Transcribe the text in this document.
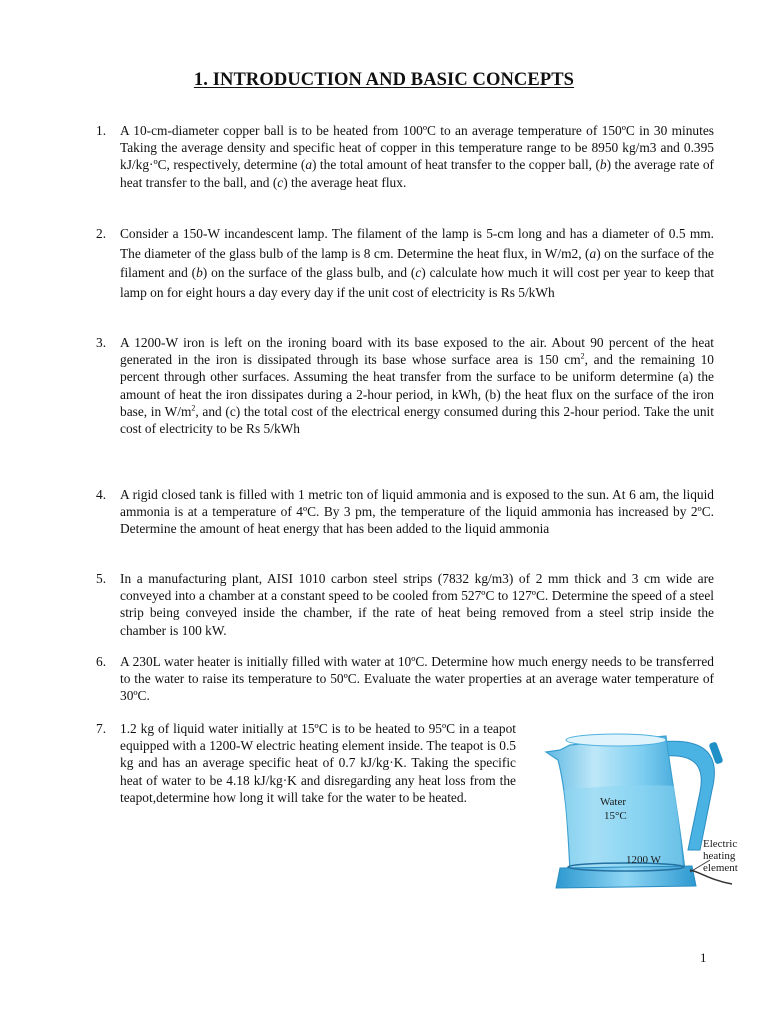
1. INTRODUCTION AND BASIC CONCEPTS
1.	A 10-cm-diameter copper ball is to be heated from 100ºC to an average temperature of 150ºC in 30 minutes Taking the average density and specific heat of copper in this temperature range to be 8950 kg/m3 and 0.395 kJ/kg·ºC, respectively, determine (a) the total amount of heat transfer to the copper ball, (b) the average rate of heat transfer to the ball, and (c) the average heat flux.

2.	Consider a 150-W incandescent lamp. The filament of the lamp is 5-cm long and has a diameter of 0.5 mm. The diameter of the glass bulb of the lamp is 8 cm. Determine the heat flux, in W/m2, (a) on the surface of the filament and (b) on the surface of the glass bulb, and (c) calculate how much it will cost per year to keep that lamp on for eight hours a day every day if the unit cost of electricity is Rs 5/kWh

3.	A 1200-W iron is left on the ironing board with its base exposed to the air. About 90 percent of the heat generated in the iron is dissipated through its base whose surface area is 150 $cm^2$, and the remaining 10 percent through other surfaces. Assuming the heat transfer from the surface to be uniform determine (a) the amount of heat the iron dissipates during a 2-hour period, in kWh, (b) the heat flux on the surface of the iron base, in $W/m^2$, and (c) the total cost of the electrical energy consumed during this 2-hour period. Take the unit cost of electricity to be Rs 5/kWh

4.	A rigid closed tank is filled with 1 metric ton of liquid ammonia and is exposed to the sun. At 6 am, the liquid ammonia is at a temperature of 4ºC. By 3 pm, the temperature of the liquid ammonia has increased by 2ºC. Determine the amount of heat energy that has been added to the liquid ammonia

5.	In a manufacturing plant, AISI 1010 carbon steel strips (7832 kg/m3) of 2 mm thick and 3 cm wide are conveyed into a chamber at a constant speed to be cooled from 527ºC to 127ºC. Determine the speed of a steel strip being conveyed inside the chamber, if the rate of heat being removed from a steel strip inside the chamber is 100 kW.

6.	A 230L water heater is initially filled with water at 10ºC. Determine how much energy needs to be transferred to the water to raise its temperature to 50ºC. Evaluate the water properties at an average water temperature of 30ºC.

7.	1.2 kg of liquid water initially at 15ºC is to be heated to 95ºC in a teapot equipped with a 1200-W electric heating element inside. The teapot is 0.5 kg and has an average specific heat of 0.7 kJ/kg·K. Taking the specific heat of water to be 4.18 kJ/kg·K and disregarding any heat loss from the teapot,determine how long it will take for the water to be heated.	Water
15°C
1200 W
Electric heating element
1
